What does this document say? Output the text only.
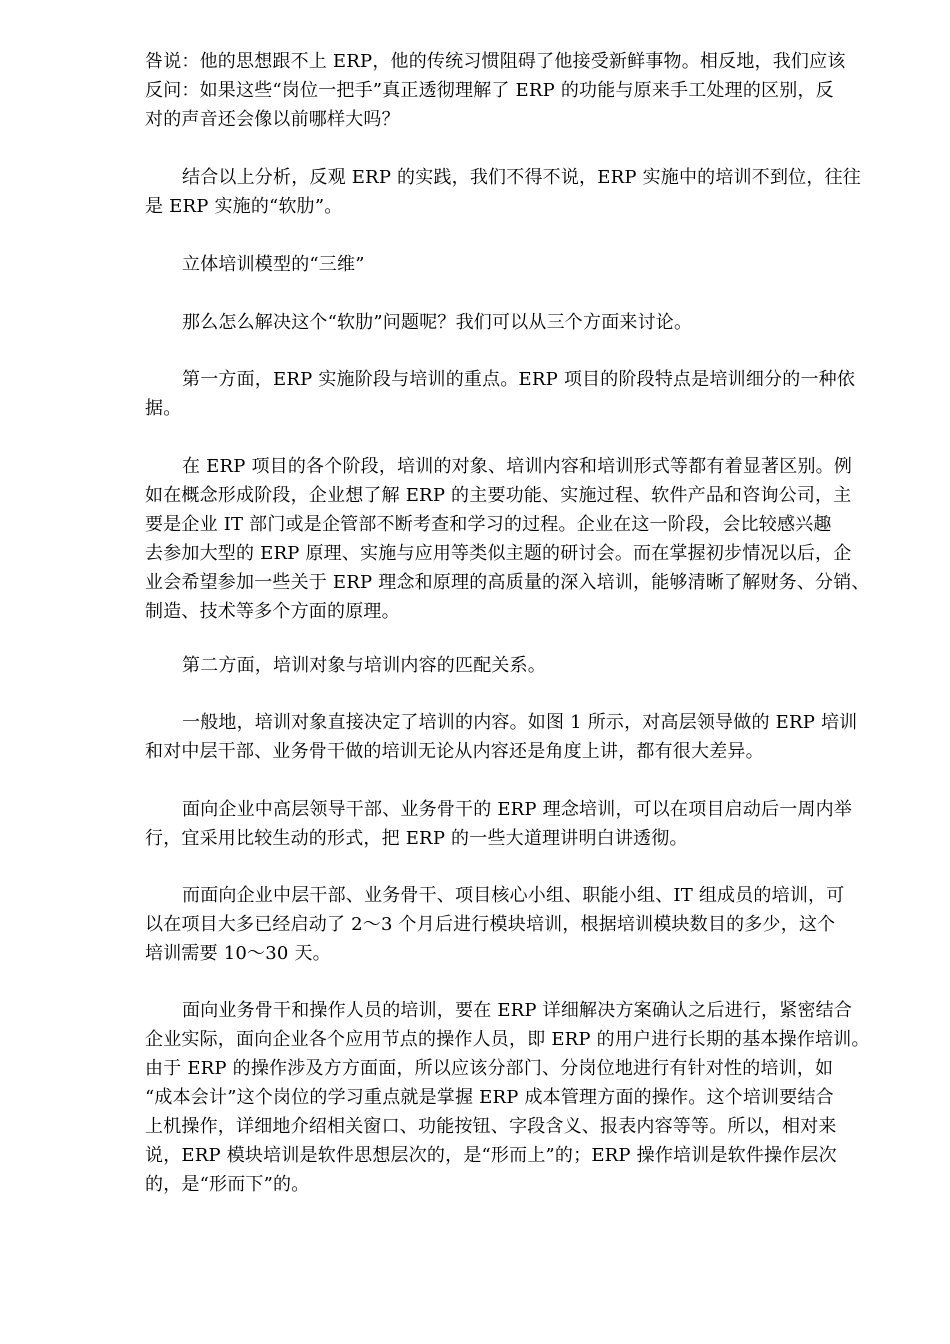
咎说：他的思想跟不上 ERP，他的传统习惯阻碍了他接受新鲜事物。相反地，我们应该
反问：如果这些“岗位一把手”真正透彻理解了 ERP 的功能与原来手工处理的区别，反
对的声音还会像以前哪样大吗？
结合以上分析，反观 ERP 的实践，我们不得不说，ERP 实施中的培训不到位，往往
是 ERP 实施的“软肋”。
立体培训模型的“三维”
那么怎么解决这个“软肋”问题呢？我们可以从三个方面来讨论。
第一方面，ERP 实施阶段与培训的重点。ERP 项目的阶段特点是培训细分的一种依
据。
在 ERP 项目的各个阶段，培训的对象、培训内容和培训形式等都有着显著区别。例
如在概念形成阶段，企业想了解 ERP 的主要功能、实施过程、软件产品和咨询公司，主
要是企业 IT 部门或是企管部不断考查和学习的过程。企业在这一阶段，会比较感兴趣
去参加大型的 ERP 原理、实施与应用等类似主题的研讨会。而在掌握初步情况以后，企
业会希望参加一些关于 ERP 理念和原理的高质量的深入培训，能够清晰了解财务、分销、
制造、技术等多个方面的原理。
第二方面，培训对象与培训内容的匹配关系。
一般地，培训对象直接决定了培训的内容。如图 1 所示，对高层领导做的 ERP 培训
和对中层干部、业务骨干做的培训无论从内容还是角度上讲，都有很大差异。
面向企业中高层领导干部、业务骨干的 ERP 理念培训，可以在项目启动后一周内举
行，宜采用比较生动的形式，把 ERP 的一些大道理讲明白讲透彻。
而面向企业中层干部、业务骨干、项目核心小组、职能小组、IT 组成员的培训，可
以在项目大多已经启动了 2～3 个月后进行模块培训，根据培训模块数目的多少，这个
培训需要 10～30 天。
面向业务骨干和操作人员的培训，要在 ERP 详细解决方案确认之后进行，紧密结合
企业实际，面向企业各个应用节点的操作人员，即 ERP 的用户进行长期的基本操作培训。
由于 ERP 的操作涉及方方面面，所以应该分部门、分岗位地进行有针对性的培训，如
“成本会计”这个岗位的学习重点就是掌握 ERP 成本管理方面的操作。这个培训要结合
上机操作，详细地介绍相关窗口、功能按钮、字段含义、报表内容等等。所以，相对来
说，ERP 模块培训是软件思想层次的，是“形而上”的；ERP 操作培训是软件操作层次
的，是“形而下”的。
